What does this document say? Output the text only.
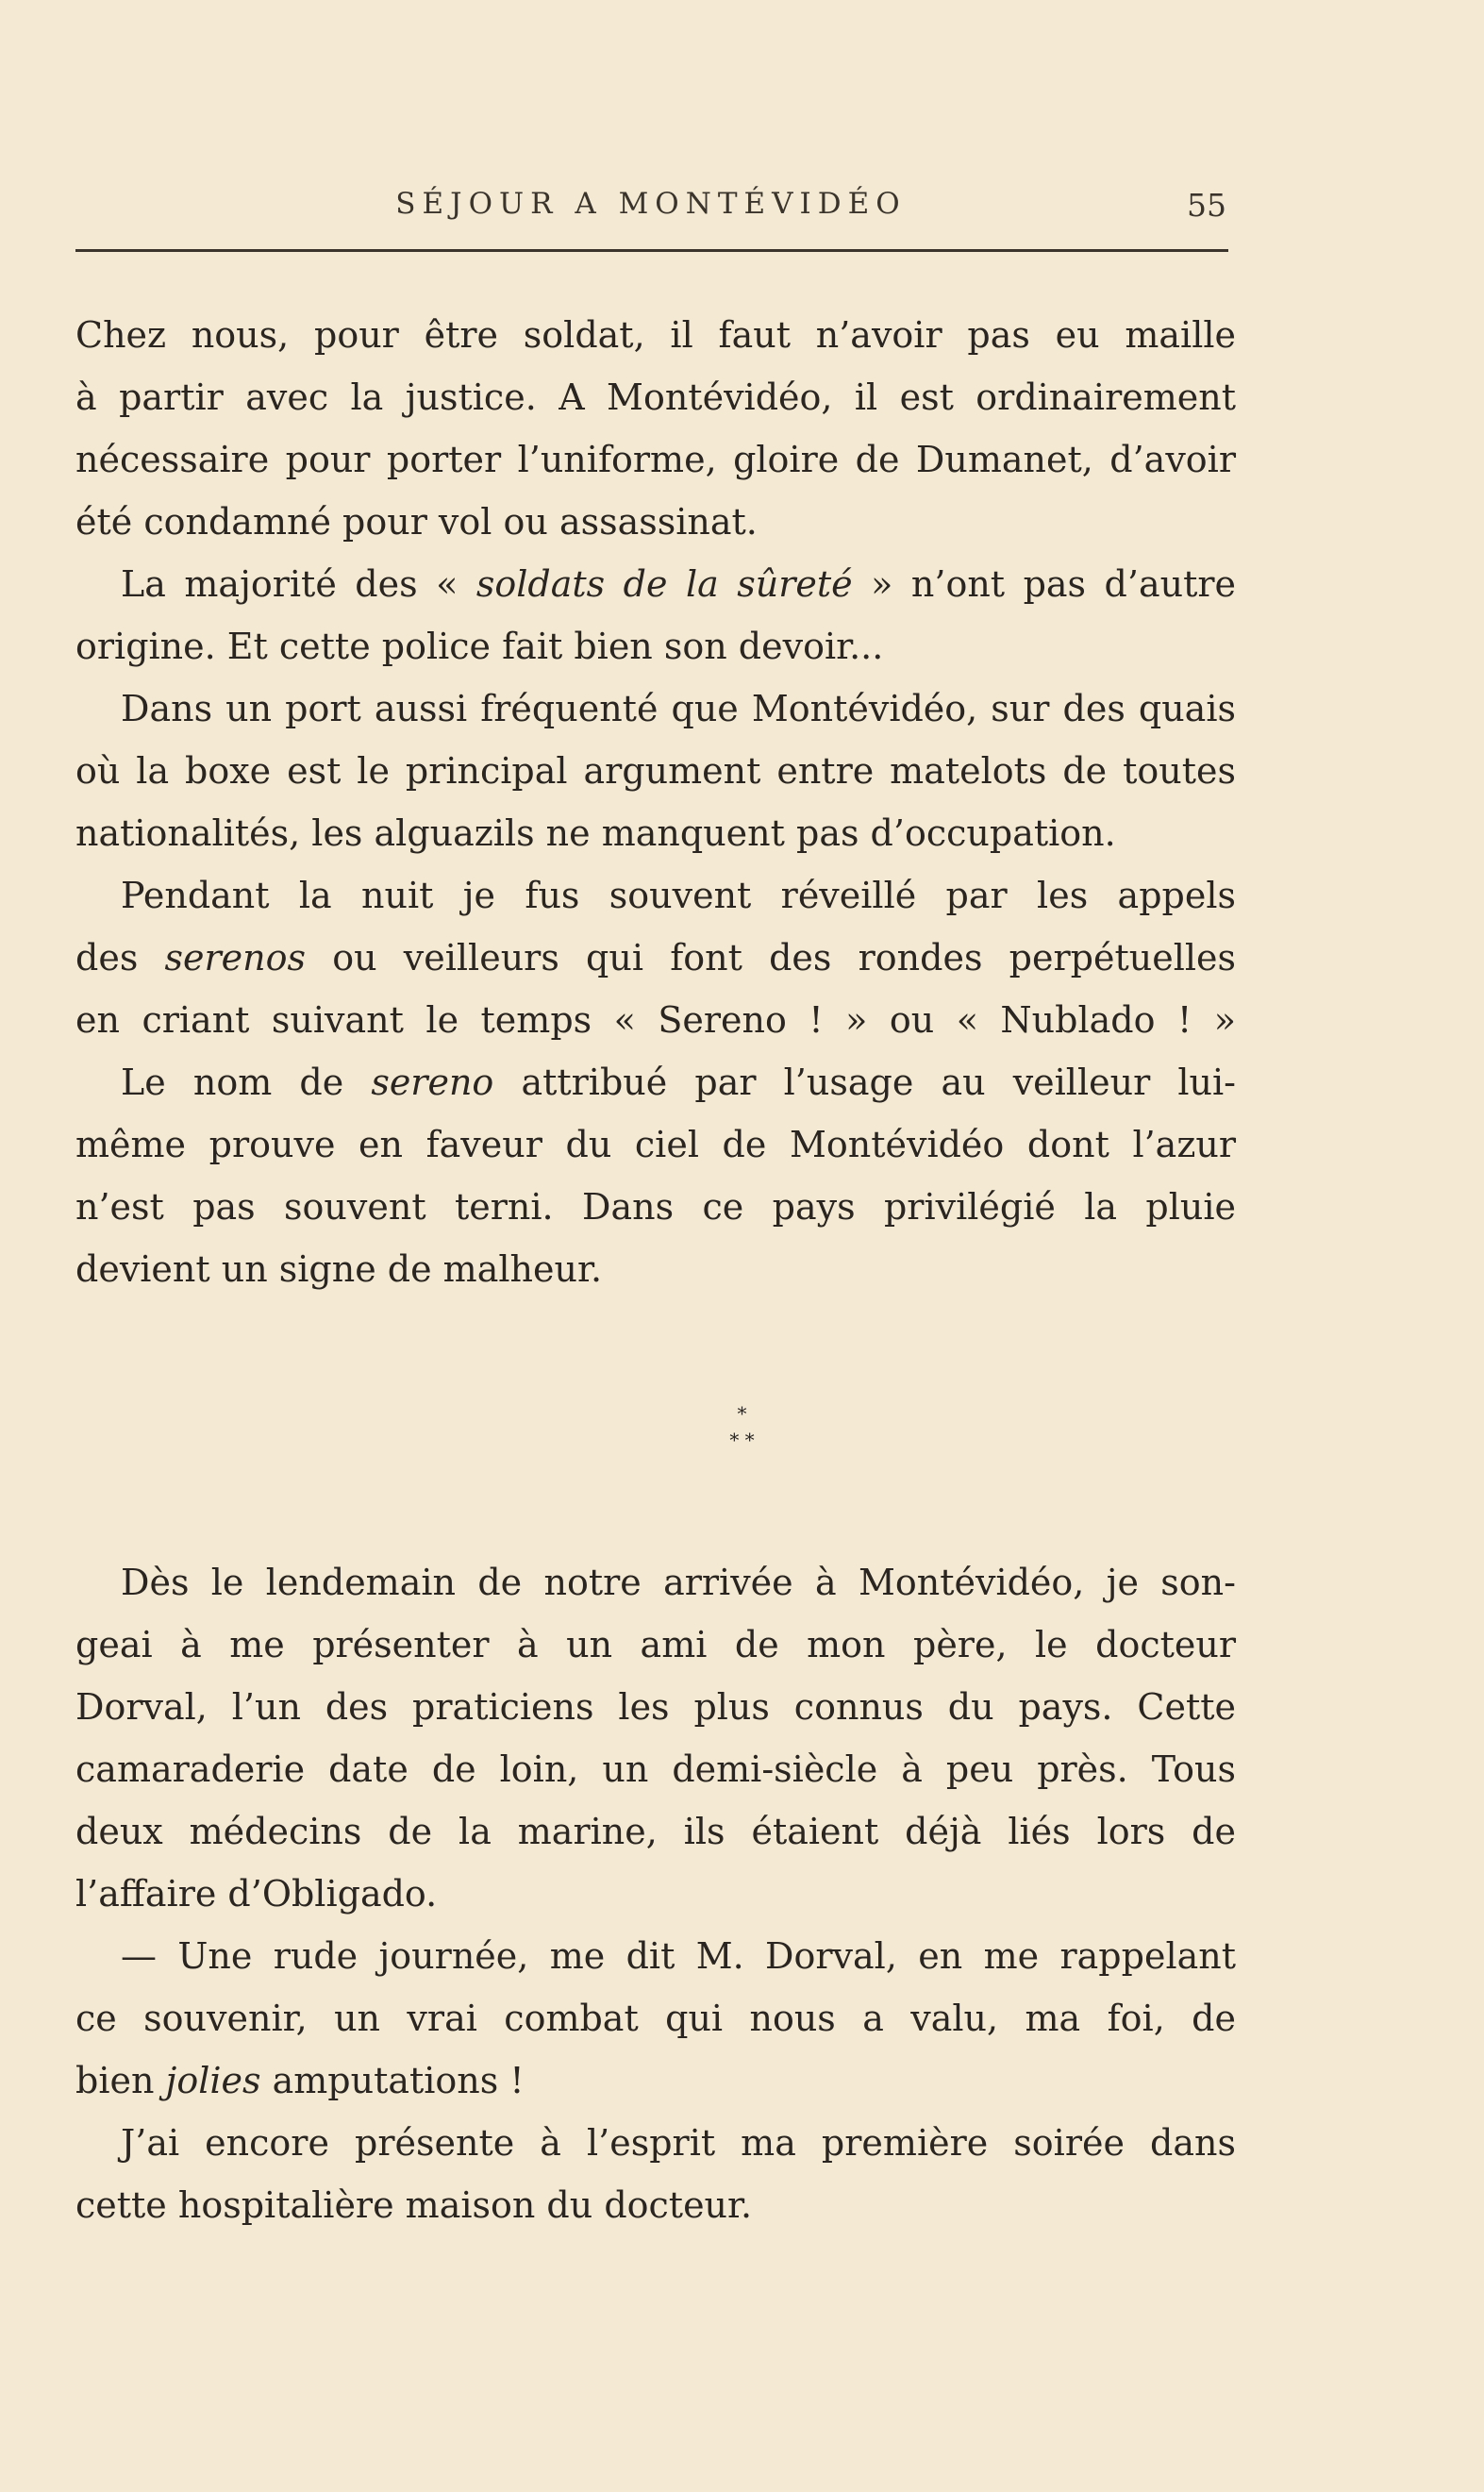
SÉJOUR A MONTÉVIDÉO	55
Chez nous, pour être soldat, il faut n’avoir pas eu maille
à partir avec la justice. A Montévidéo, il est ordinairement
nécessaire pour porter l’uniforme, gloire de Dumanet, d’avoir
été condamné pour vol ou assassinat.
La majorité des « soldats de la sûreté » n’ont pas d’autre
origine. Et cette police fait bien son devoir...
Dans un port aussi fréquenté que Montévidéo, sur des quais
où la boxe est le principal argument entre matelots de toutes
nationalités, les alguazils ne manquent pas d’occupation.
Pendant la nuit je fus souvent réveillé par les appels
des serenos ou veilleurs qui font des rondes perpétuelles
en criant suivant le temps « Sereno ! » ou « Nublado ! »
Le nom de sereno attribué par l’usage au veilleur lui-
même prouve en faveur du ciel de Montévidéo dont l’azur
n’est pas souvent terni. Dans ce pays privilégié la pluie
devient un signe de malheur.
*
* *
Dès le lendemain de notre arrivée à Montévidéo, je son-
geai à me présenter à un ami de mon père, le docteur
Dorval, l’un des praticiens les plus connus du pays. Cette
camaraderie date de loin, un demi-siècle à peu près. Tous
deux médecins de la marine, ils étaient déjà liés lors de
l’affaire d’Obligado.
— Une rude journée, me dit M. Dorval, en me rappelant
ce souvenir, un vrai combat qui nous a valu, ma foi, de
bien jolies amputations !
J’ai encore présente à l’esprit ma première soirée dans
cette hospitalière maison du docteur.
